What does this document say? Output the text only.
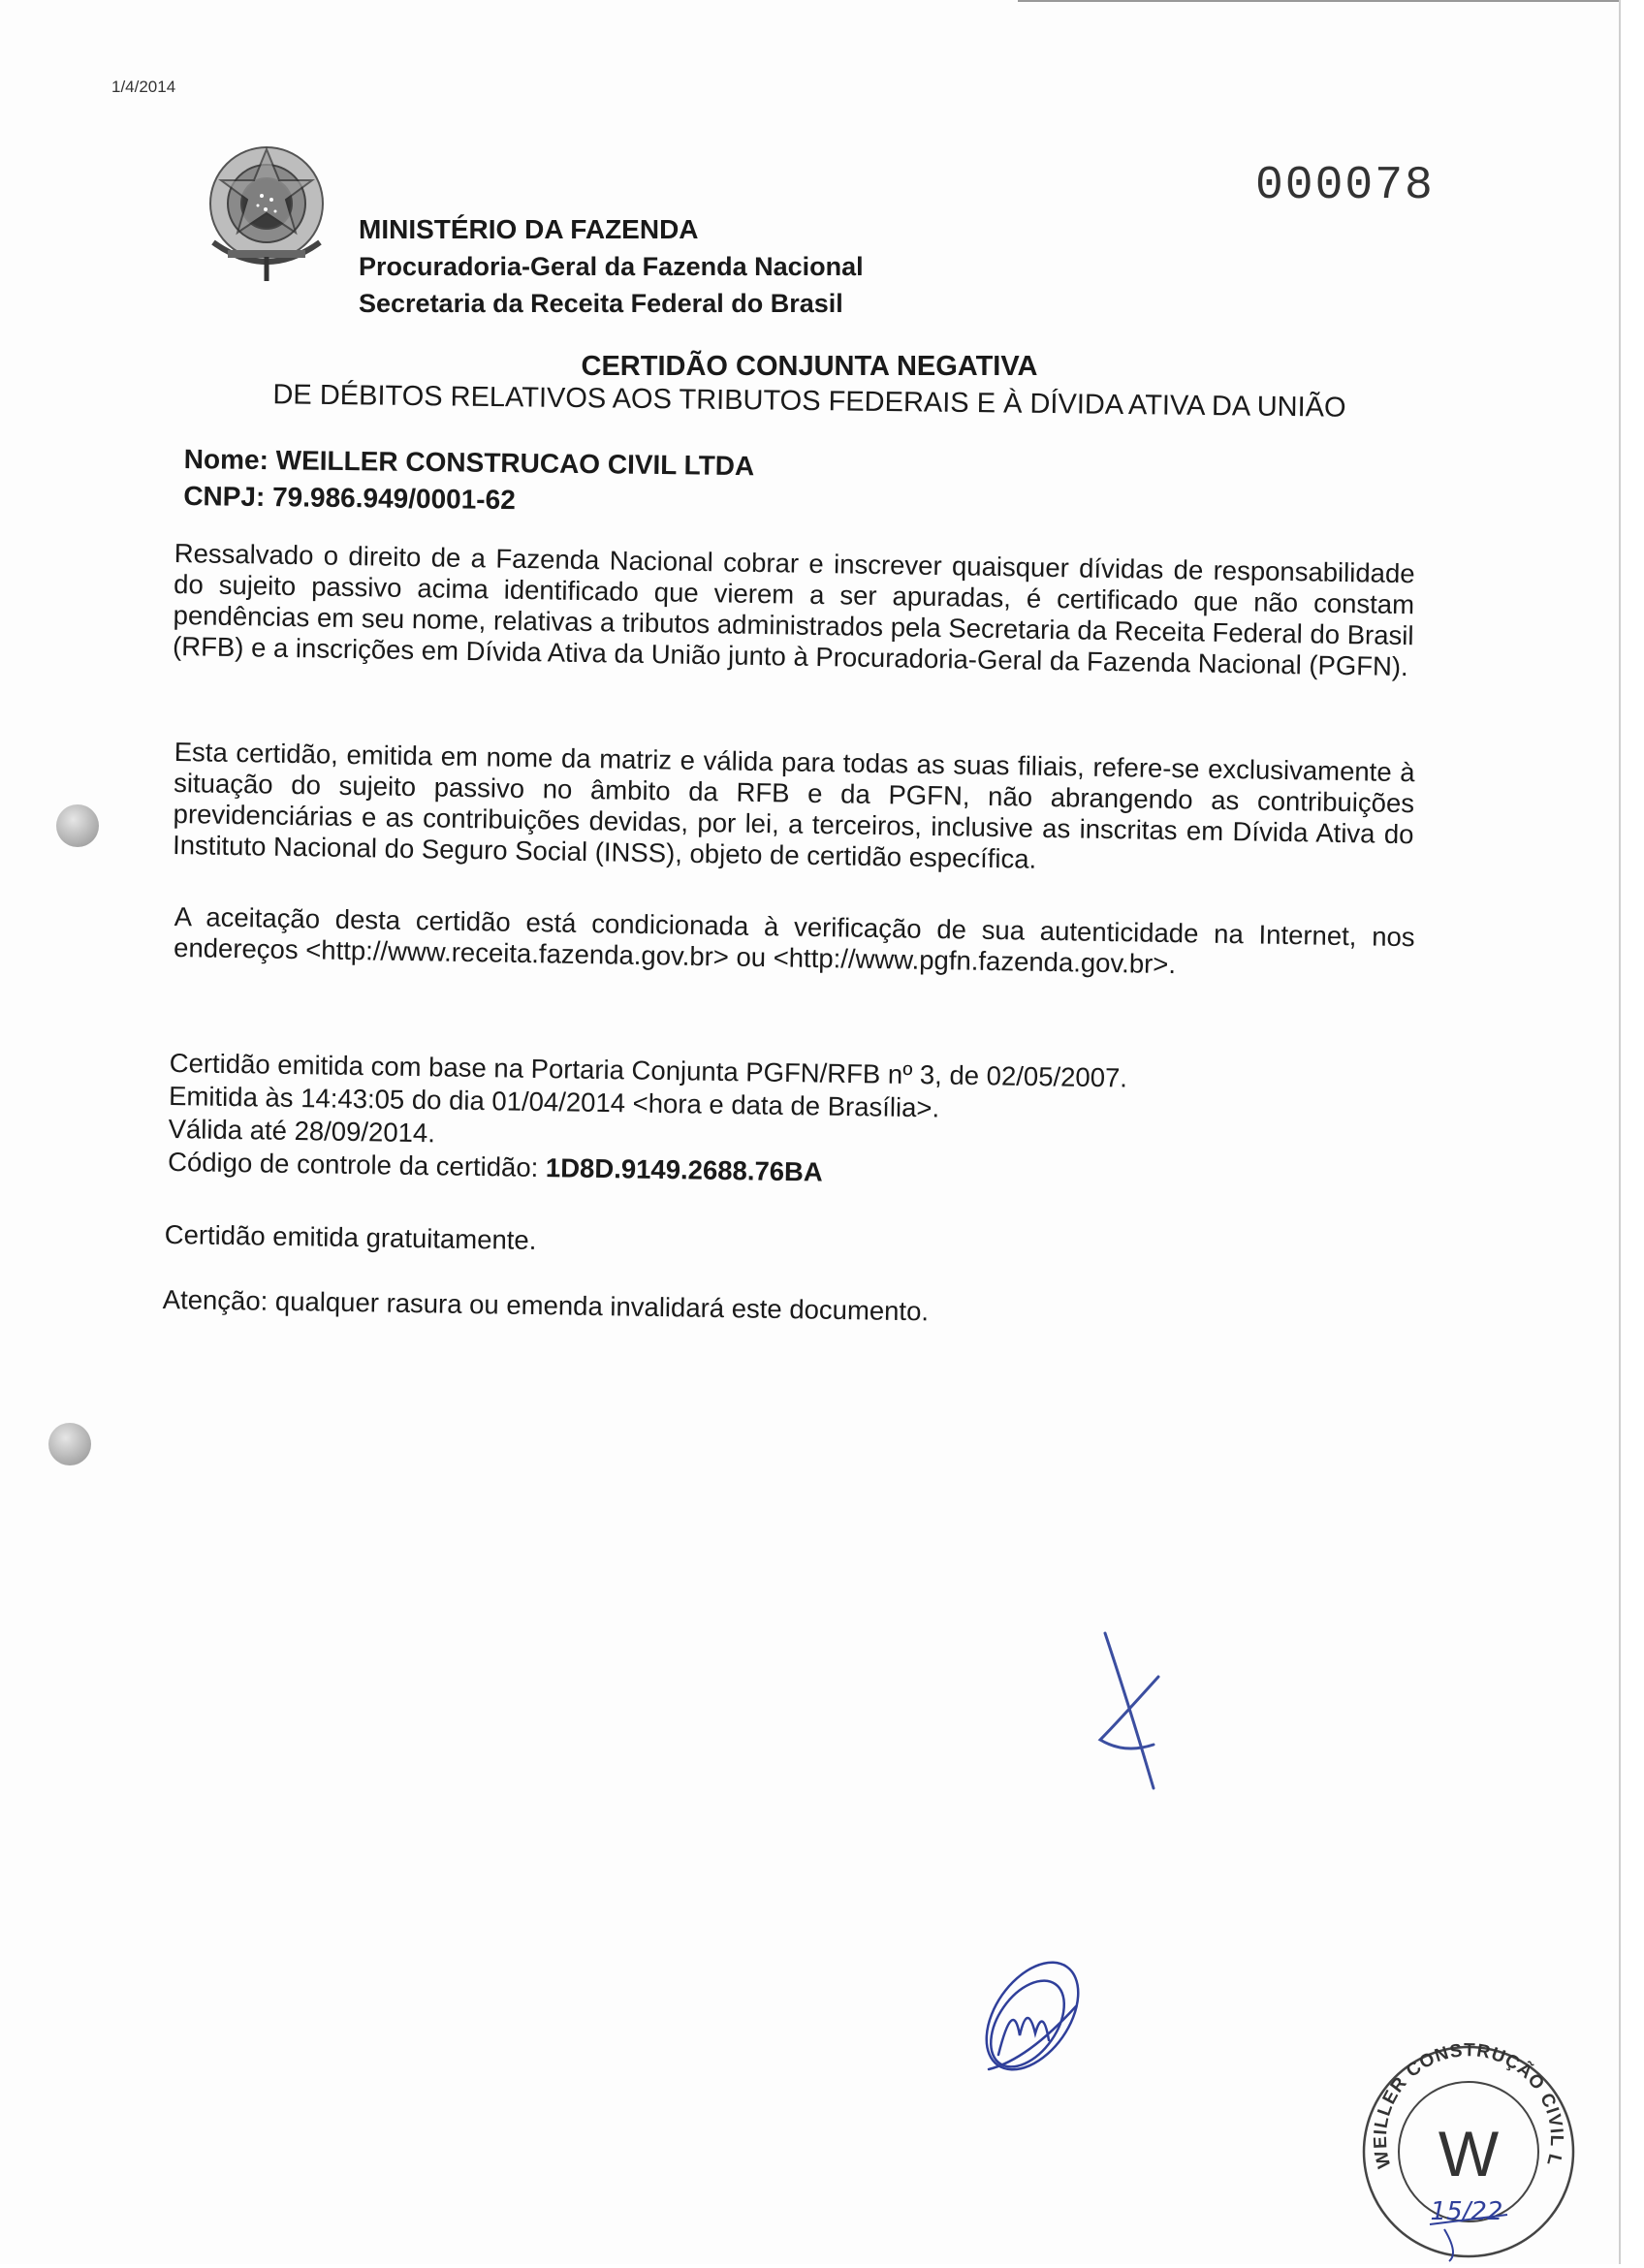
1/4/2014
MINISTÉRIO DA FAZENDA
Procuradoria-Geral da Fazenda Nacional
Secretaria da Receita Federal do Brasil
000078
CERTIDÃO CONJUNTA NEGATIVA
DE DÉBITOS RELATIVOS AOS TRIBUTOS FEDERAIS E À DÍVIDA ATIVA DA UNIÃO
Nome: WEILLER CONSTRUCAO CIVIL LTDA
CNPJ: 79.986.949/0001-62
Ressalvado o direito de a Fazenda Nacional cobrar e inscrever quaisquer dívidas de responsabilidade do sujeito passivo acima identificado que vierem a ser apuradas, é certificado que não constam pendências em seu nome, relativas a tributos administrados pela Secretaria da Receita Federal do Brasil (RFB) e a inscrições em Dívida Ativa da União junto à Procuradoria-Geral da Fazenda Nacional (PGFN).
Esta certidão, emitida em nome da matriz e válida para todas as suas filiais, refere-se exclusivamente à situação do sujeito passivo no âmbito da RFB e da PGFN, não abrangendo as contribuições previdenciárias e as contribuições devidas, por lei, a terceiros, inclusive as inscritas em Dívida Ativa do Instituto Nacional do Seguro Social (INSS), objeto de certidão específica.
A aceitação desta certidão está condicionada à verificação de sua autenticidade na Internet, nos endereços <http://www.receita.fazenda.gov.br> ou <http://www.pgfn.fazenda.gov.br>.
Certidão emitida com base na Portaria Conjunta PGFN/RFB nº 3, de 02/05/2007.
Emitida às 14:43:05 do dia 01/04/2014 <hora e data de Brasília>.
Válida até 28/09/2014.
Código de controle da certidão: 1D8D.9149.2688.76BA
Certidão emitida gratuitamente.
Atenção: qualquer rasura ou emenda invalidará este documento.
WEILLER CONSTRUÇÃO CIVIL L
W
15/22
